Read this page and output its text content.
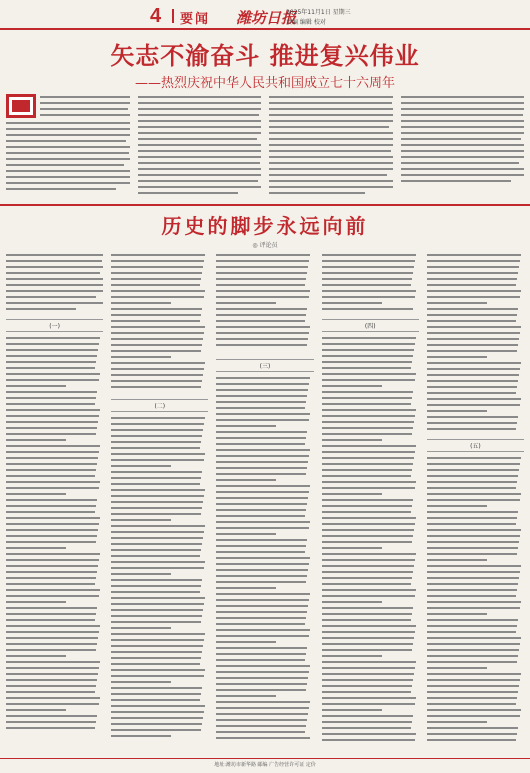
4 要闻 潍坊日报
2025年11月1日 星期三
责编 编辑 校对
矢志不渝奋斗 推进复兴伟业
——热烈庆祝中华人民共和国成立七十六周年
历史的脚步永远向前
◎ 评论员
(一)
(二)
(三)
(四)
(五)
地址:潍坊市新华路 邮编 广告经营许可证 定价
